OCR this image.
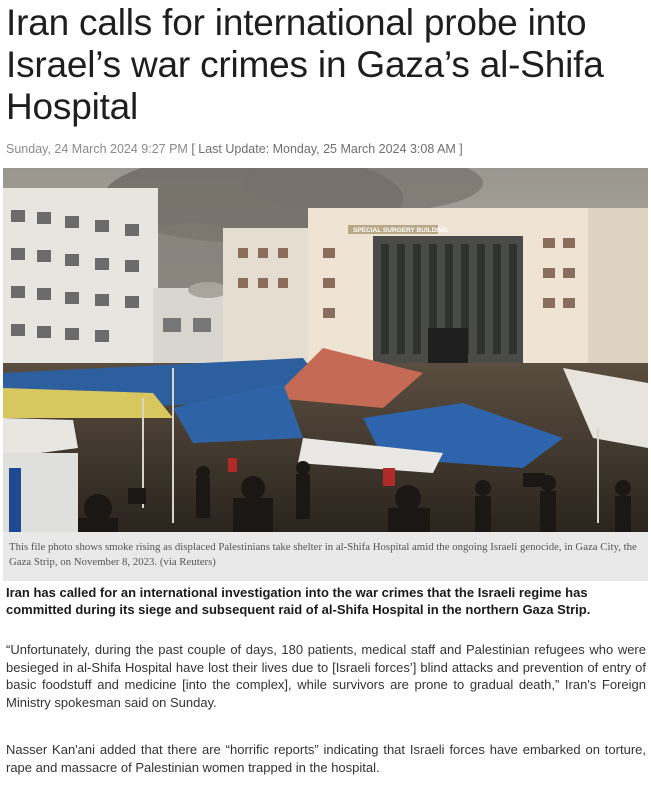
Iran calls for international probe into Israel’s war crimes in Gaza’s al-Shifa Hospital
Sunday, 24 March 2024 9:27 PM [ Last Update: Monday, 25 March 2024 3:08 AM ]
SPECIAL SURGERY BUILDING
This file photo shows smoke rising as displaced Palestinians take shelter in al-Shifa Hospital amid the ongoing Israeli genocide, in Gaza City, the Gaza Strip, on November 8, 2023. (via Reuters)

Iran has called for an international investigation into the war crimes that the Israeli regime has committed during its siege and subsequent raid of al-Shifa Hospital in the northern Gaza Strip.

“Unfortunately, during the past couple of days, 180 patients, medical staff and Palestinian refugees who were besieged in al-Shifa Hospital have lost their lives due to [Israeli forces’] blind attacks and prevention of entry of basic foodstuff and medicine [into the complex], while survivors are prone to gradual death,” Iran's Foreign Ministry spokesman said on Sunday.

Nasser Kan'ani added that there are “horrific reports” indicating that Israeli forces have embarked on torture, rape and massacre of Palestinian women trapped in the hospital.
